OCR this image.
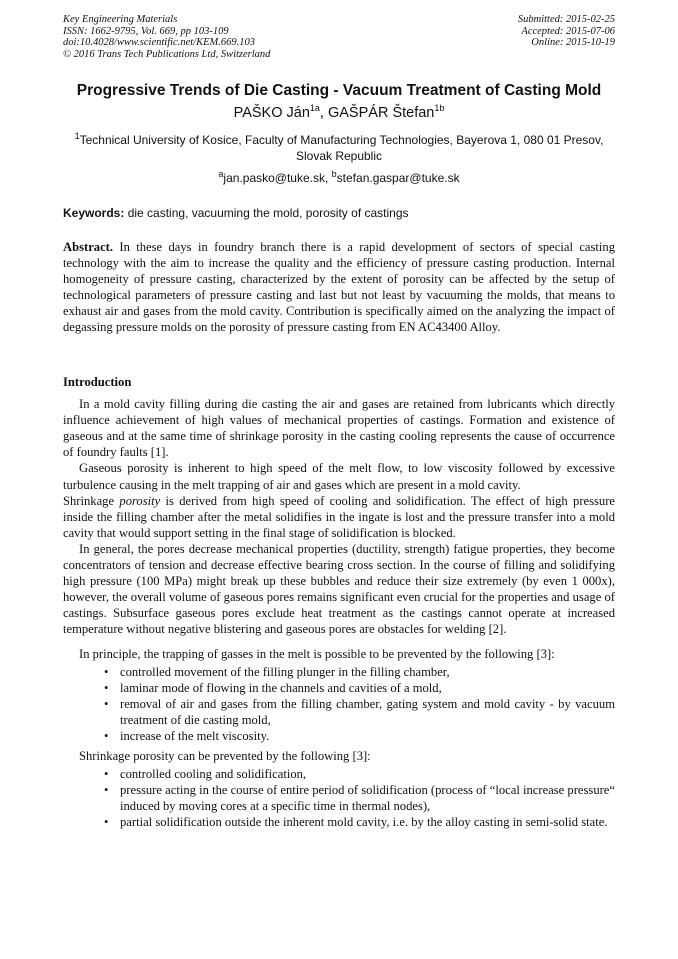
Key Engineering Materials
ISSN: 1662-9795, Vol. 669, pp 103-109
doi:10.4028/www.scientific.net/KEM.669.103
© 2016 Trans Tech Publications Ltd, Switzerland
Submitted: 2015-02-25
Accepted: 2015-07-06
Online: 2015-10-19
Progressive Trends of Die Casting - Vacuum Treatment of Casting Mold
PAŠKO Ján$^{1a}$, GAŠPÁR Štefan$^{1b}$
$^1$Technical University of Kosice, Faculty of Manufacturing Technologies, Bayerova 1, 080 01 Presov, Slovak Republic
$^a$jan.pasko@tuke.sk, $^b$stefan.gaspar@tuke.sk
Keywords: die casting, vacuuming the mold, porosity of castings

Abstract. In these days in foundry branch there is a rapid development of sectors of special casting technology with the aim to increase the quality and the efficiency of pressure casting production. Internal homogeneity of pressure casting, characterized by the extent of porosity can be affected by the setup of technological parameters of pressure casting and last but not least by vacuuming the molds, that means to exhaust air and gases from the mold cavity. Contribution is specifically aimed on the analyzing the impact of degassing pressure molds on the porosity of pressure casting from EN AC43400 Alloy.

Introduction

In a mold cavity filling during die casting the air and gases are retained from lubricants which directly influence achievement of high values of mechanical properties of castings. Formation and existence of gaseous and at the same time of shrinkage porosity in the casting cooling represents the cause of occurrence of foundry faults [1].

Gaseous porosity is inherent to high speed of the melt flow, to low viscosity followed by excessive turbulence causing in the melt trapping of air and gases which are present in a mold cavity.

Shrinkage porosity is derived from high speed of cooling and solidification. The effect of high pressure inside the filling chamber after the metal solidifies in the ingate is lost and the pressure transfer into a mold cavity that would support setting in the final stage of solidification is blocked.

In general, the pores decrease mechanical properties (ductility, strength) fatigue properties, they become concentrators of tension and decrease effective bearing cross section. In the course of filling and solidifying high pressure (100 MPa) might break up these bubbles and reduce their size extremely (by even 1 000x), however, the overall volume of gaseous pores remains significant even crucial for the properties and usage of castings. Subsurface gaseous pores exclude heat treatment as the castings cannot operate at increased temperature without negative blistering and gaseous pores are obstacles for welding [2].

In principle, the trapping of gasses in the melt is possible to be prevented by the following [3]:

• controlled movement of the filling plunger in the filling chamber,
• laminar mode of flowing in the channels and cavities of a mold,
• removal of air and gases from the filling chamber, gating system and mold cavity - by vacuum treatment of die casting mold,
• increase of the melt viscosity.

Shrinkage porosity can be prevented by the following [3]:

• controlled cooling and solidification,
• pressure acting in the course of entire period of solidification (process of “local increase pressure“ induced by moving cores at a specific time in thermal nodes),
• partial solidification outside the inherent mold cavity, i.e. by the alloy casting in semi-solid state.
